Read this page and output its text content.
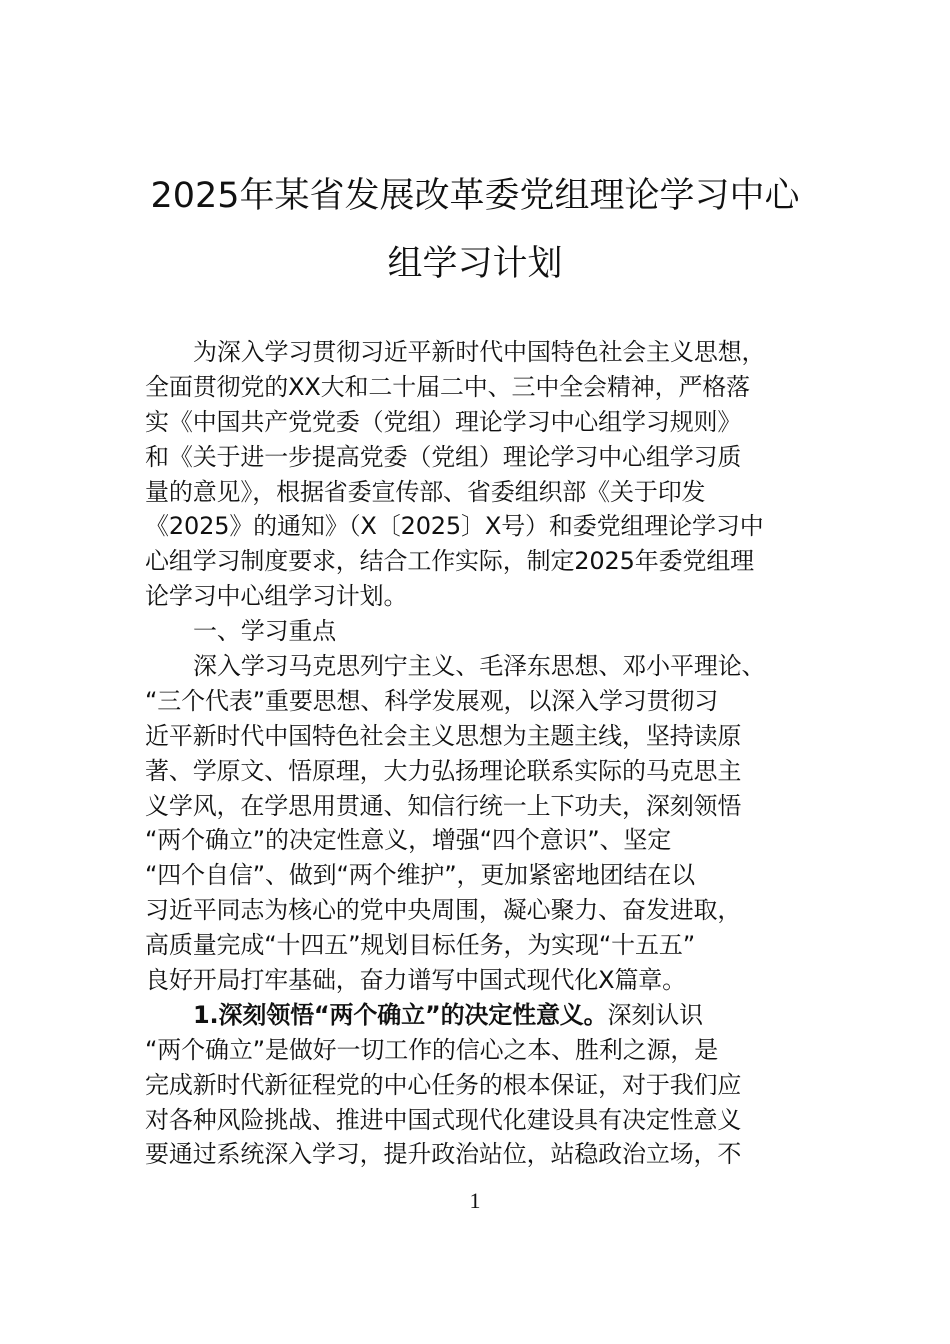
2025年某省发展改革委党组理论学习中心
组学习计划
为深入学习贯彻习近平新时代中国特色社会主义思想，
全面贯彻党的XX大和二十届二中、三中全会精神，严格落
实《中国共产党党委（党组）理论学习中心组学习规则》
和《关于进一步提高党委（党组）理论学习中心组学习质
量的意见》，根据省委宣传部、省委组织部《关于印发
《2025》的通知》（X〔2025〕X号）和委党组理论学习中
心组学习制度要求，结合工作实际，制定2025年委党组理
论学习中心组学习计划。
一、学习重点
深入学习马克思列宁主义、毛泽东思想、邓小平理论、
“三个代表”重要思想、科学发展观，以深入学习贯彻习
近平新时代中国特色社会主义思想为主题主线，坚持读原
著、学原文、悟原理，大力弘扬理论联系实际的马克思主
义学风，在学思用贯通、知信行统一上下功夫，深刻领悟
“两个确立”的决定性意义，增强“四个意识”、坚定
“四个自信”、做到“两个维护”，更加紧密地团结在以
习近平同志为核心的党中央周围，凝心聚力、奋发进取，
高质量完成“十四五”规划目标任务，为实现“十五五”
良好开局打牢基础，奋力谱写中国式现代化X篇章。
1.深刻领悟“两个确立”的决定性意义。深刻认识
“两个确立”是做好一切工作的信心之本、胜利之源，是
完成新时代新征程党的中心任务的根本保证，对于我们应
对各种风险挑战、推进中国式现代化建设具有决定性意义
要通过系统深入学习，提升政治站位，站稳政治立场，不
1
